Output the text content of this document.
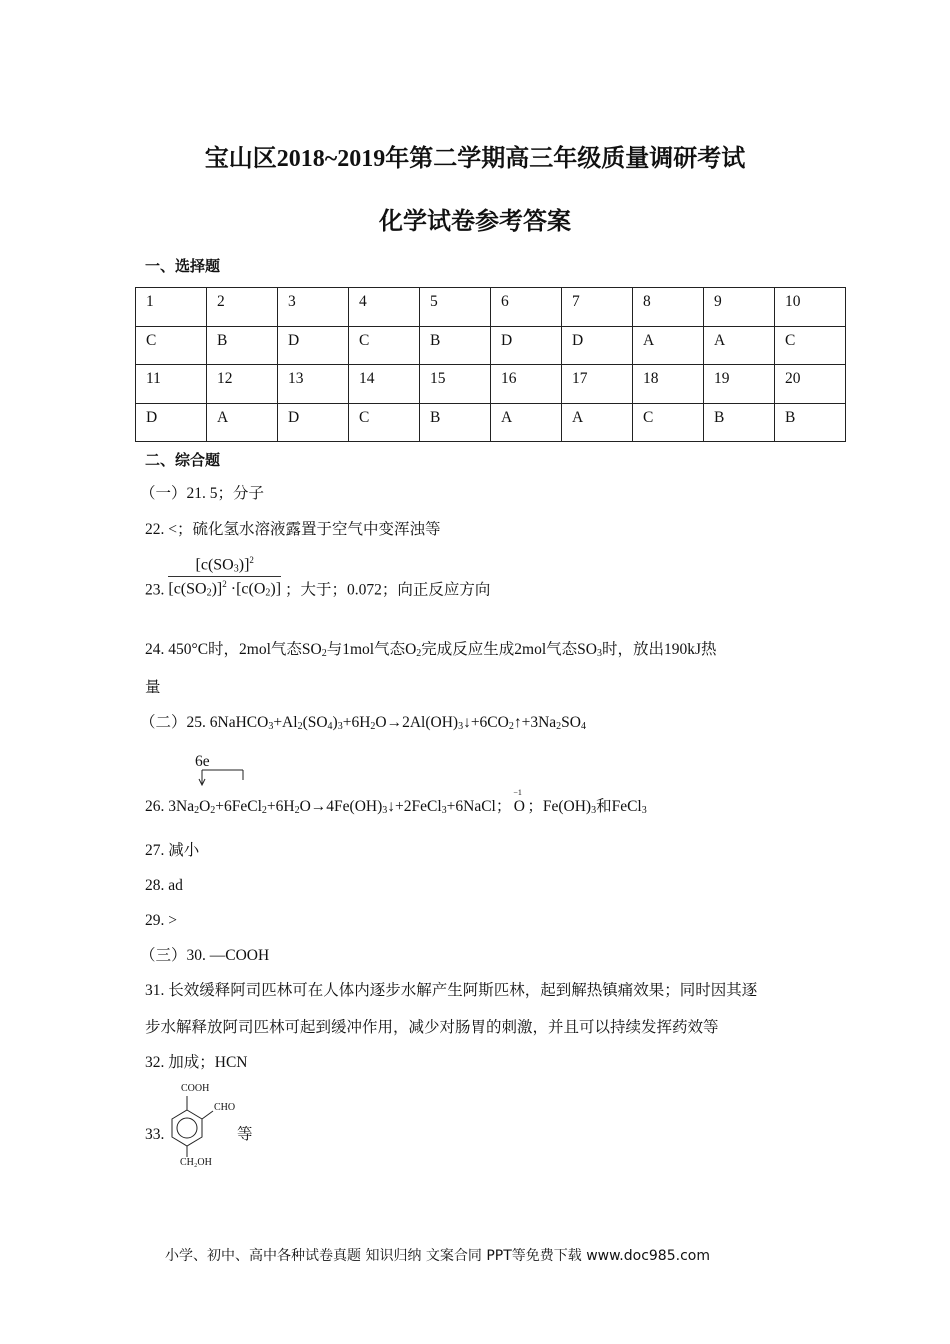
宝山区2018~2019年第二学期高三年级质量调研考试
化学试卷参考答案
一、选择题
1	2	3	4	5	6	7	8	9	10
C	B	D	C	B	D	D	A	A	C
11	12	13	14	15	16	17	18	19	20
D	A	D	C	B	A	A	C	B	B
二、综合题
（一）21. 5；分子
22. <；硫化氢水溶液露置于空气中变浑浊等
23. $\frac{[c(SO_3)]^2}{[c(SO_2)]^2 \cdot[c(O_2)]}$ ；大于；0.072；向正反应方向
24. 450°C时，2mol气态$SO_2$与1mol气态$O_2$完成反应生成2mol气态$SO_3$时，放出190kJ热
量
（二）25. $6NaHCO_3+Al_2(SO_4)_3+6H_2O\to 2Al(OH)_3↓+6CO_2↑+3Na_2SO_4$
6e
26. $3Na_2O_2+6FeCl_2+6H_2O\to 4Fe(OH)_3↓+2FeCl_3+6NaCl$；
−1
O ；$Fe(OH)_3$和FeCl$_3$
27. 减小
28. ad
29. >
（三）30. —COOH
31. 长效缓释阿司匹林可在人体内逐步水解产生阿斯匹林，起到解热镇痛效果；同时因其逐
步水解释放阿司匹林可起到缓冲作用，减少对肠胃的刺激，并且可以持续发挥药效等
32. 加成；HCN
33.
COOH
CHO
CH₂OH
等
小学、初中、高中各种试卷真题 知识归纳 文案合同 PPT等免费下载 www.doc985.com
